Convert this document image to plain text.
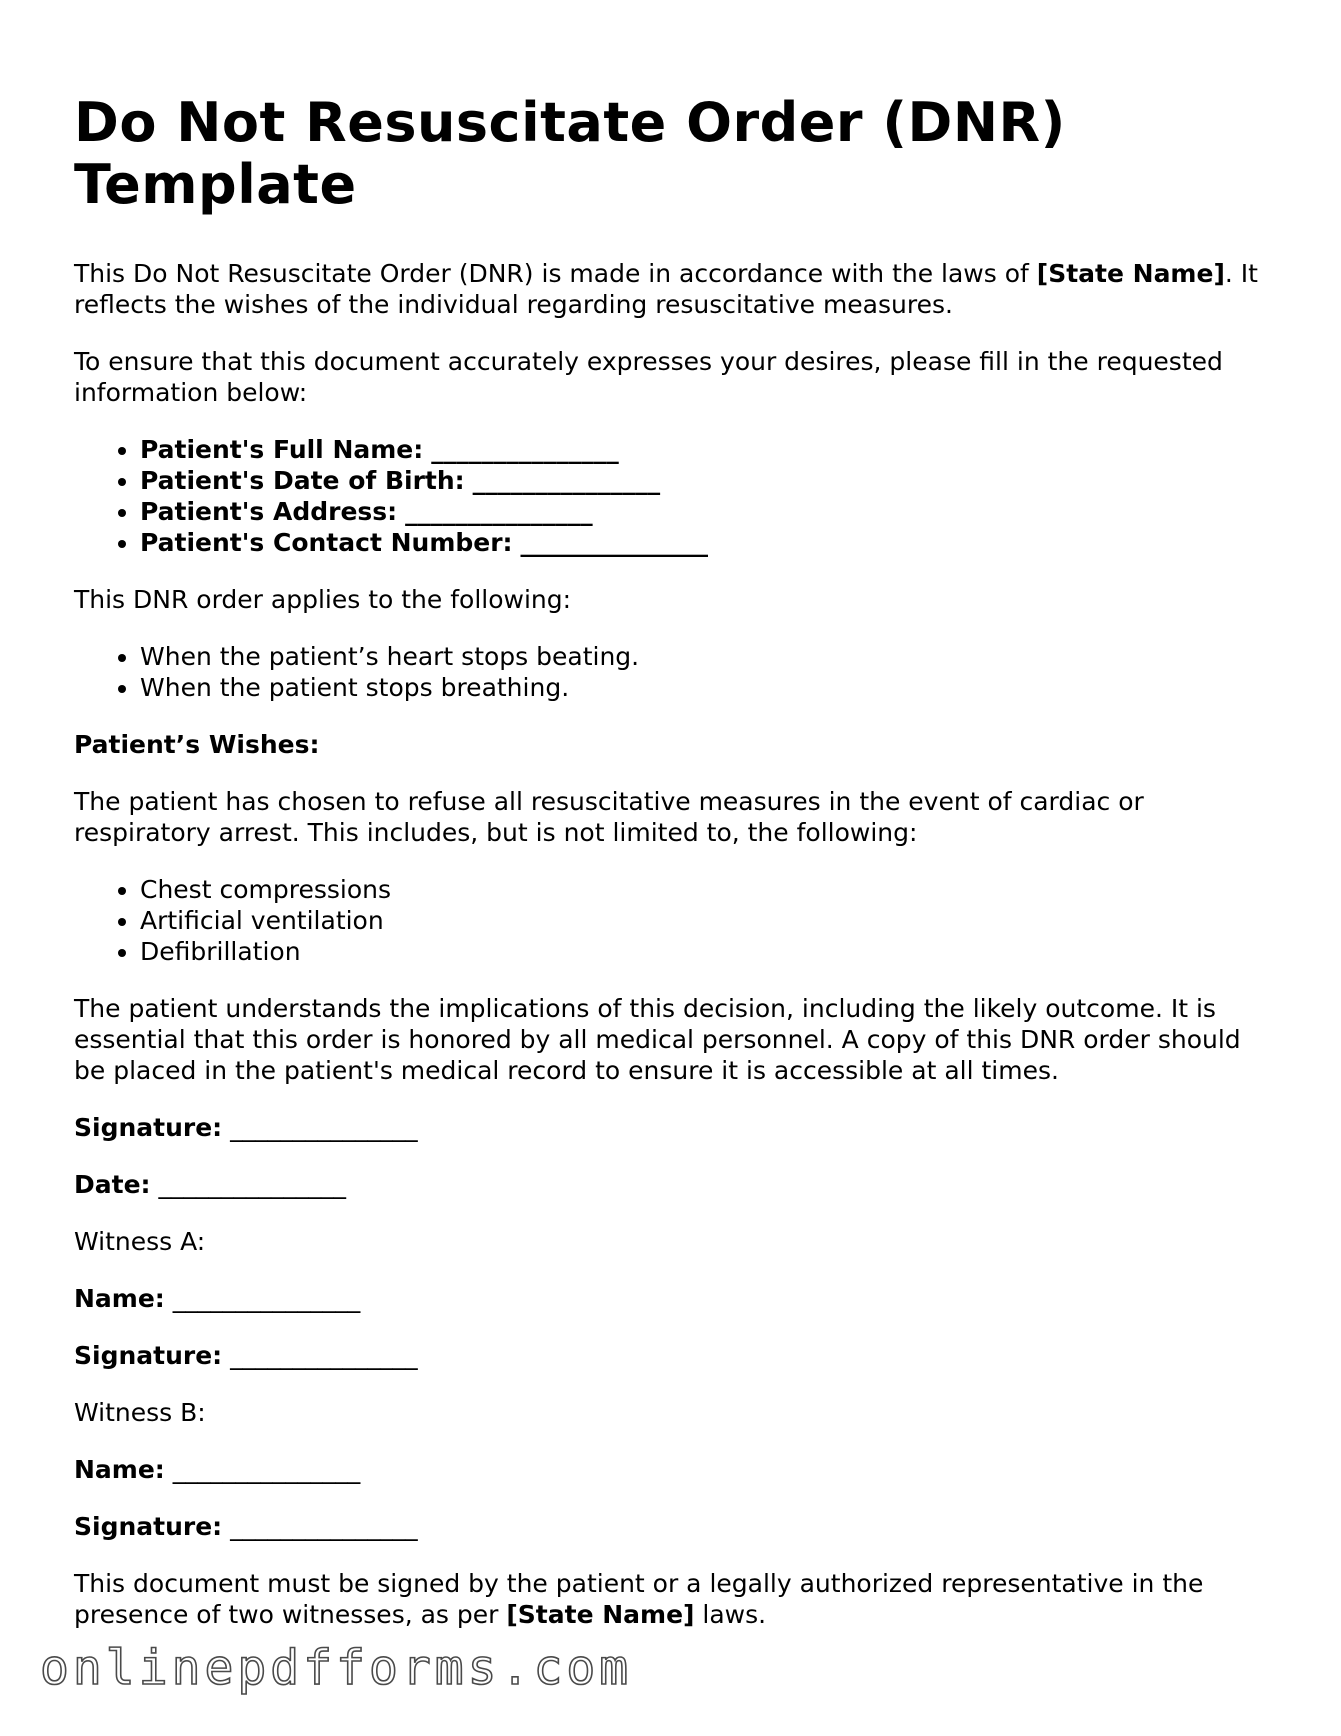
Do Not Resuscitate Order (DNR) Template

This Do Not Resuscitate Order (DNR) is made in accordance with the laws of [State Name]. It reflects the wishes of the individual regarding resuscitative measures.

To ensure that this document accurately expresses your desires, please fill in the requested information below:

• Patient's Full Name: _______________
• Patient's Date of Birth: _______________
• Patient's Address: _______________
• Patient's Contact Number: _______________

This DNR order applies to the following:

• When the patient’s heart stops beating.
• When the patient stops breathing.

Patient’s Wishes:

The patient has chosen to refuse all resuscitative measures in the event of cardiac or respiratory arrest. This includes, but is not limited to, the following:

• Chest compressions
• Artificial ventilation
• Defibrillation

The patient understands the implications of this decision, including the likely outcome. It is essential that this order is honored by all medical personnel. A copy of this DNR order should be placed in the patient's medical record to ensure it is accessible at all times.

Signature: _______________

Date: _______________

Witness A:

Name: _______________

Signature: _______________

Witness B:

Name: _______________

Signature: _______________

This document must be signed by the patient or a legally authorized representative in the presence of two witnesses, as per [State Name] laws.

onlinepdfforms.com
